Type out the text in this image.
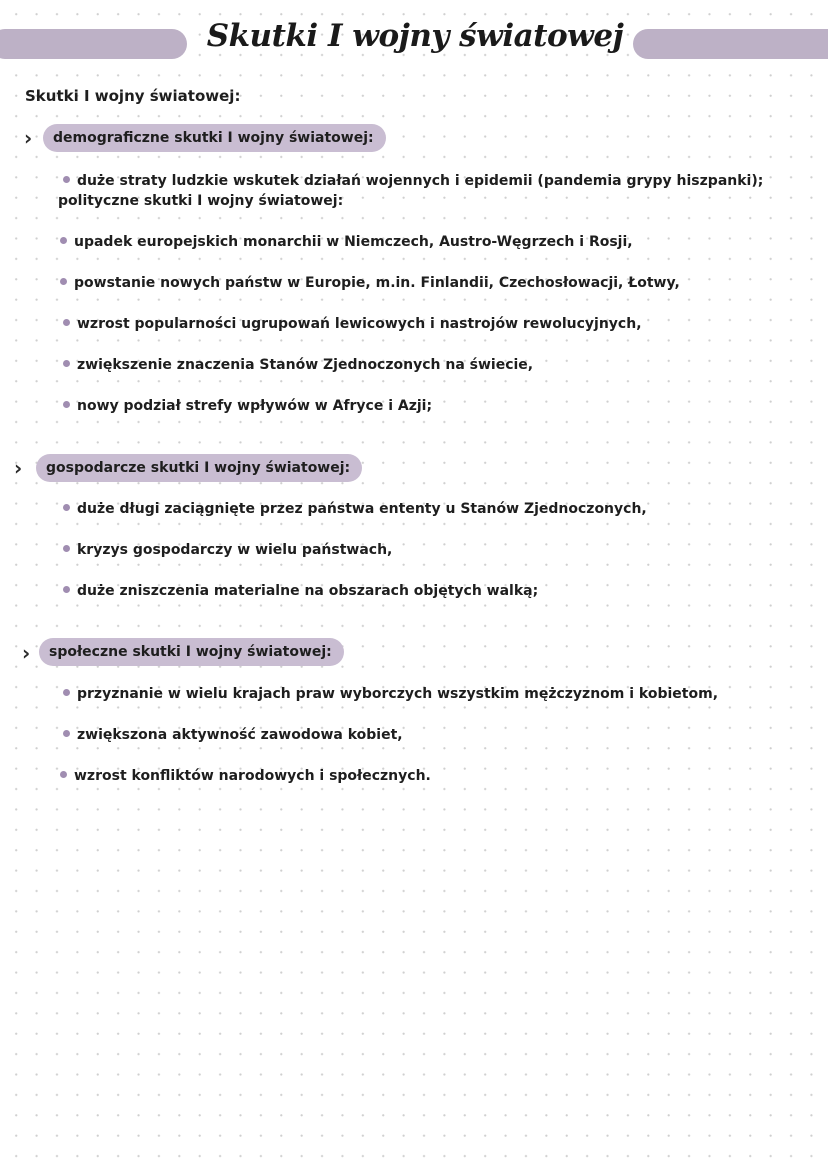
Skutki I wojny światowej

Skutki I wojny światowej:

›	demograficzne skutki I wojny światowej:

duże straty ludzkie wskutek działań wojennych i epidemii (pandemia grypy hiszpanki);
polityczne skutki I wojny światowej:
upadek europejskich monarchii w Niemczech, Austro-Węgrzech i Rosji,
powstanie nowych państw w Europie, m.in. Finlandii, Czechosłowacji, Łotwy,
wzrost popularności ugrupowań lewicowych i nastrojów rewolucyjnych,
zwiększenie znaczenia Stanów Zjednoczonych na świecie,
nowy podział strefy wpływów w Afryce i Azji;
›	gospodarcze skutki I wojny światowej:

duże długi zaciągnięte przez państwa ententy u Stanów Zjednoczonych,
kryzys gospodarczy w wielu państwach,
duże zniszczenia materialne na obszarach objętych walką;
›	społeczne skutki I wojny światowej:

przyznanie w wielu krajach praw wyborczych wszystkim mężczyznom i kobietom,
zwiększona aktywność zawodowa kobiet,
wzrost konfliktów narodowych i społecznych.
